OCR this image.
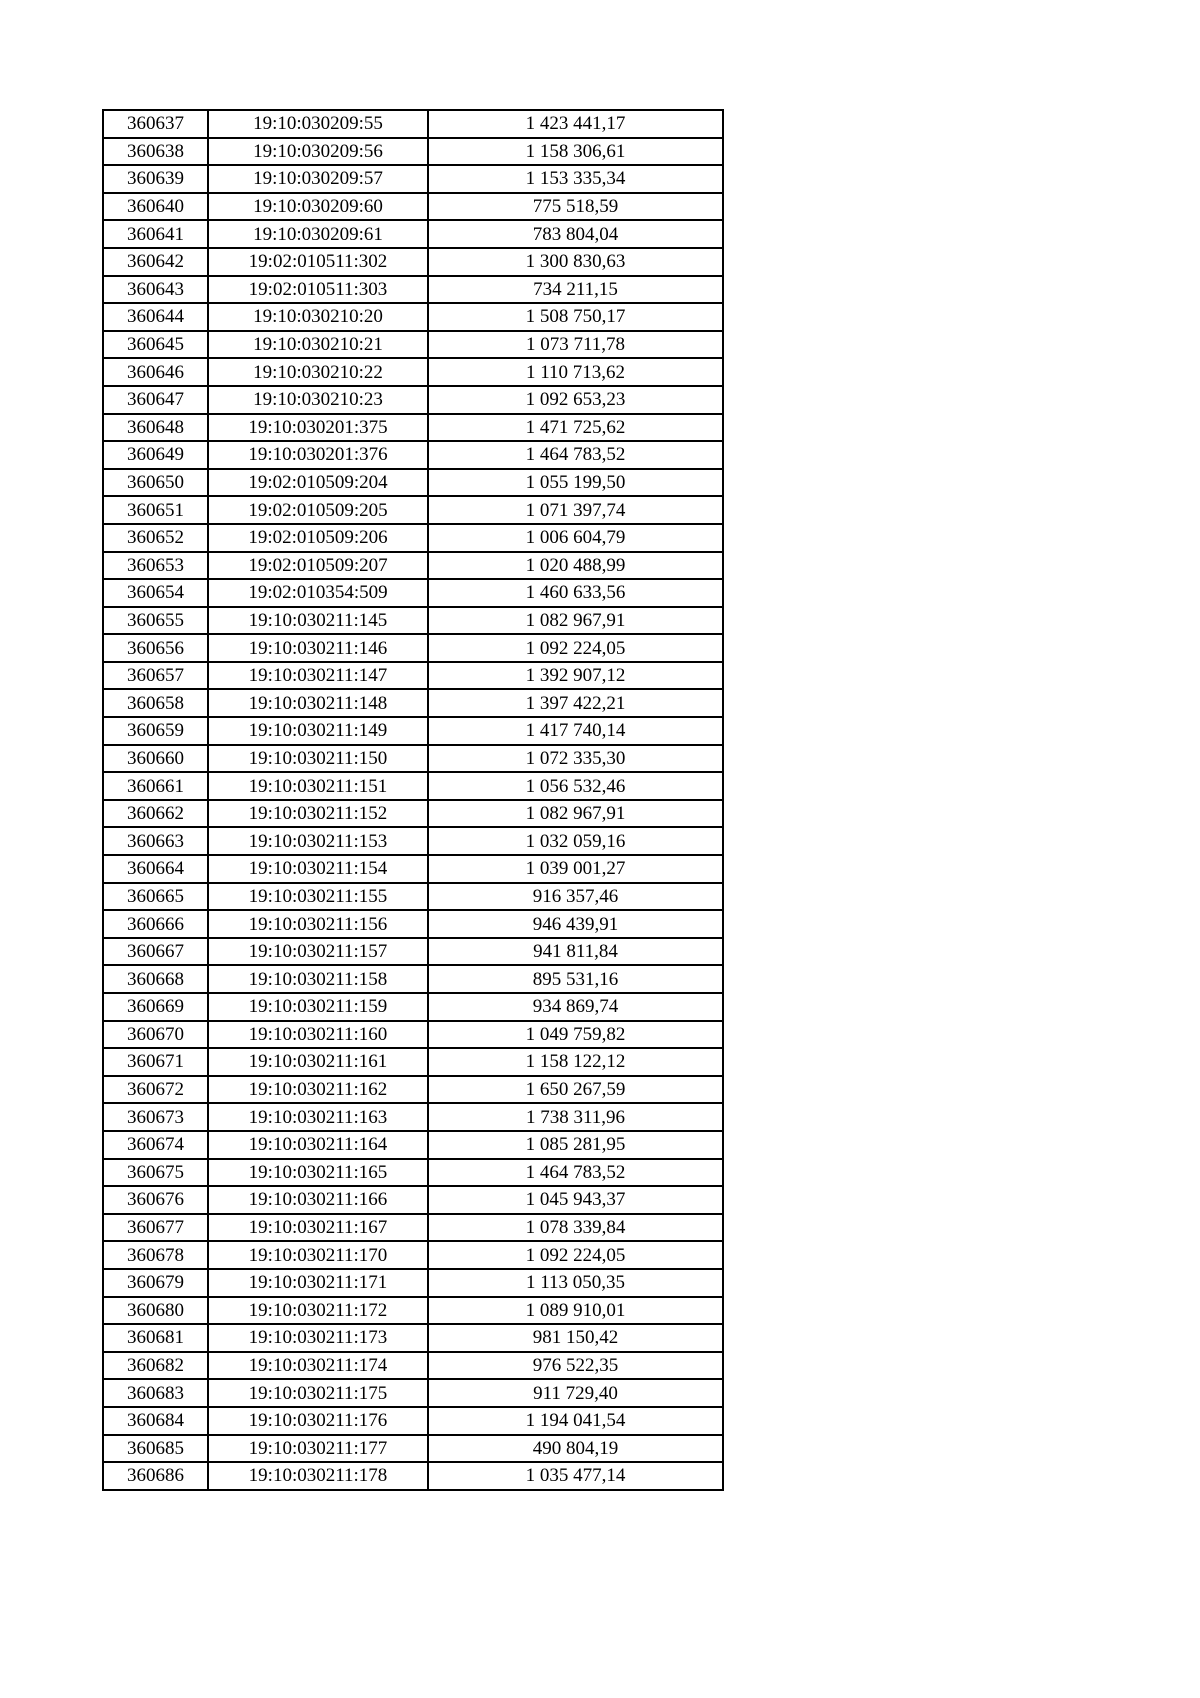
360637	19:10:030209:55	1 423 441,17
360638	19:10:030209:56	1 158 306,61
360639	19:10:030209:57	1 153 335,34
360640	19:10:030209:60	775 518,59
360641	19:10:030209:61	783 804,04
360642	19:02:010511:302	1 300 830,63
360643	19:02:010511:303	734 211,15
360644	19:10:030210:20	1 508 750,17
360645	19:10:030210:21	1 073 711,78
360646	19:10:030210:22	1 110 713,62
360647	19:10:030210:23	1 092 653,23
360648	19:10:030201:375	1 471 725,62
360649	19:10:030201:376	1 464 783,52
360650	19:02:010509:204	1 055 199,50
360651	19:02:010509:205	1 071 397,74
360652	19:02:010509:206	1 006 604,79
360653	19:02:010509:207	1 020 488,99
360654	19:02:010354:509	1 460 633,56
360655	19:10:030211:145	1 082 967,91
360656	19:10:030211:146	1 092 224,05
360657	19:10:030211:147	1 392 907,12
360658	19:10:030211:148	1 397 422,21
360659	19:10:030211:149	1 417 740,14
360660	19:10:030211:150	1 072 335,30
360661	19:10:030211:151	1 056 532,46
360662	19:10:030211:152	1 082 967,91
360663	19:10:030211:153	1 032 059,16
360664	19:10:030211:154	1 039 001,27
360665	19:10:030211:155	916 357,46
360666	19:10:030211:156	946 439,91
360667	19:10:030211:157	941 811,84
360668	19:10:030211:158	895 531,16
360669	19:10:030211:159	934 869,74
360670	19:10:030211:160	1 049 759,82
360671	19:10:030211:161	1 158 122,12
360672	19:10:030211:162	1 650 267,59
360673	19:10:030211:163	1 738 311,96
360674	19:10:030211:164	1 085 281,95
360675	19:10:030211:165	1 464 783,52
360676	19:10:030211:166	1 045 943,37
360677	19:10:030211:167	1 078 339,84
360678	19:10:030211:170	1 092 224,05
360679	19:10:030211:171	1 113 050,35
360680	19:10:030211:172	1 089 910,01
360681	19:10:030211:173	981 150,42
360682	19:10:030211:174	976 522,35
360683	19:10:030211:175	911 729,40
360684	19:10:030211:176	1 194 041,54
360685	19:10:030211:177	490 804,19
360686	19:10:030211:178	1 035 477,14
